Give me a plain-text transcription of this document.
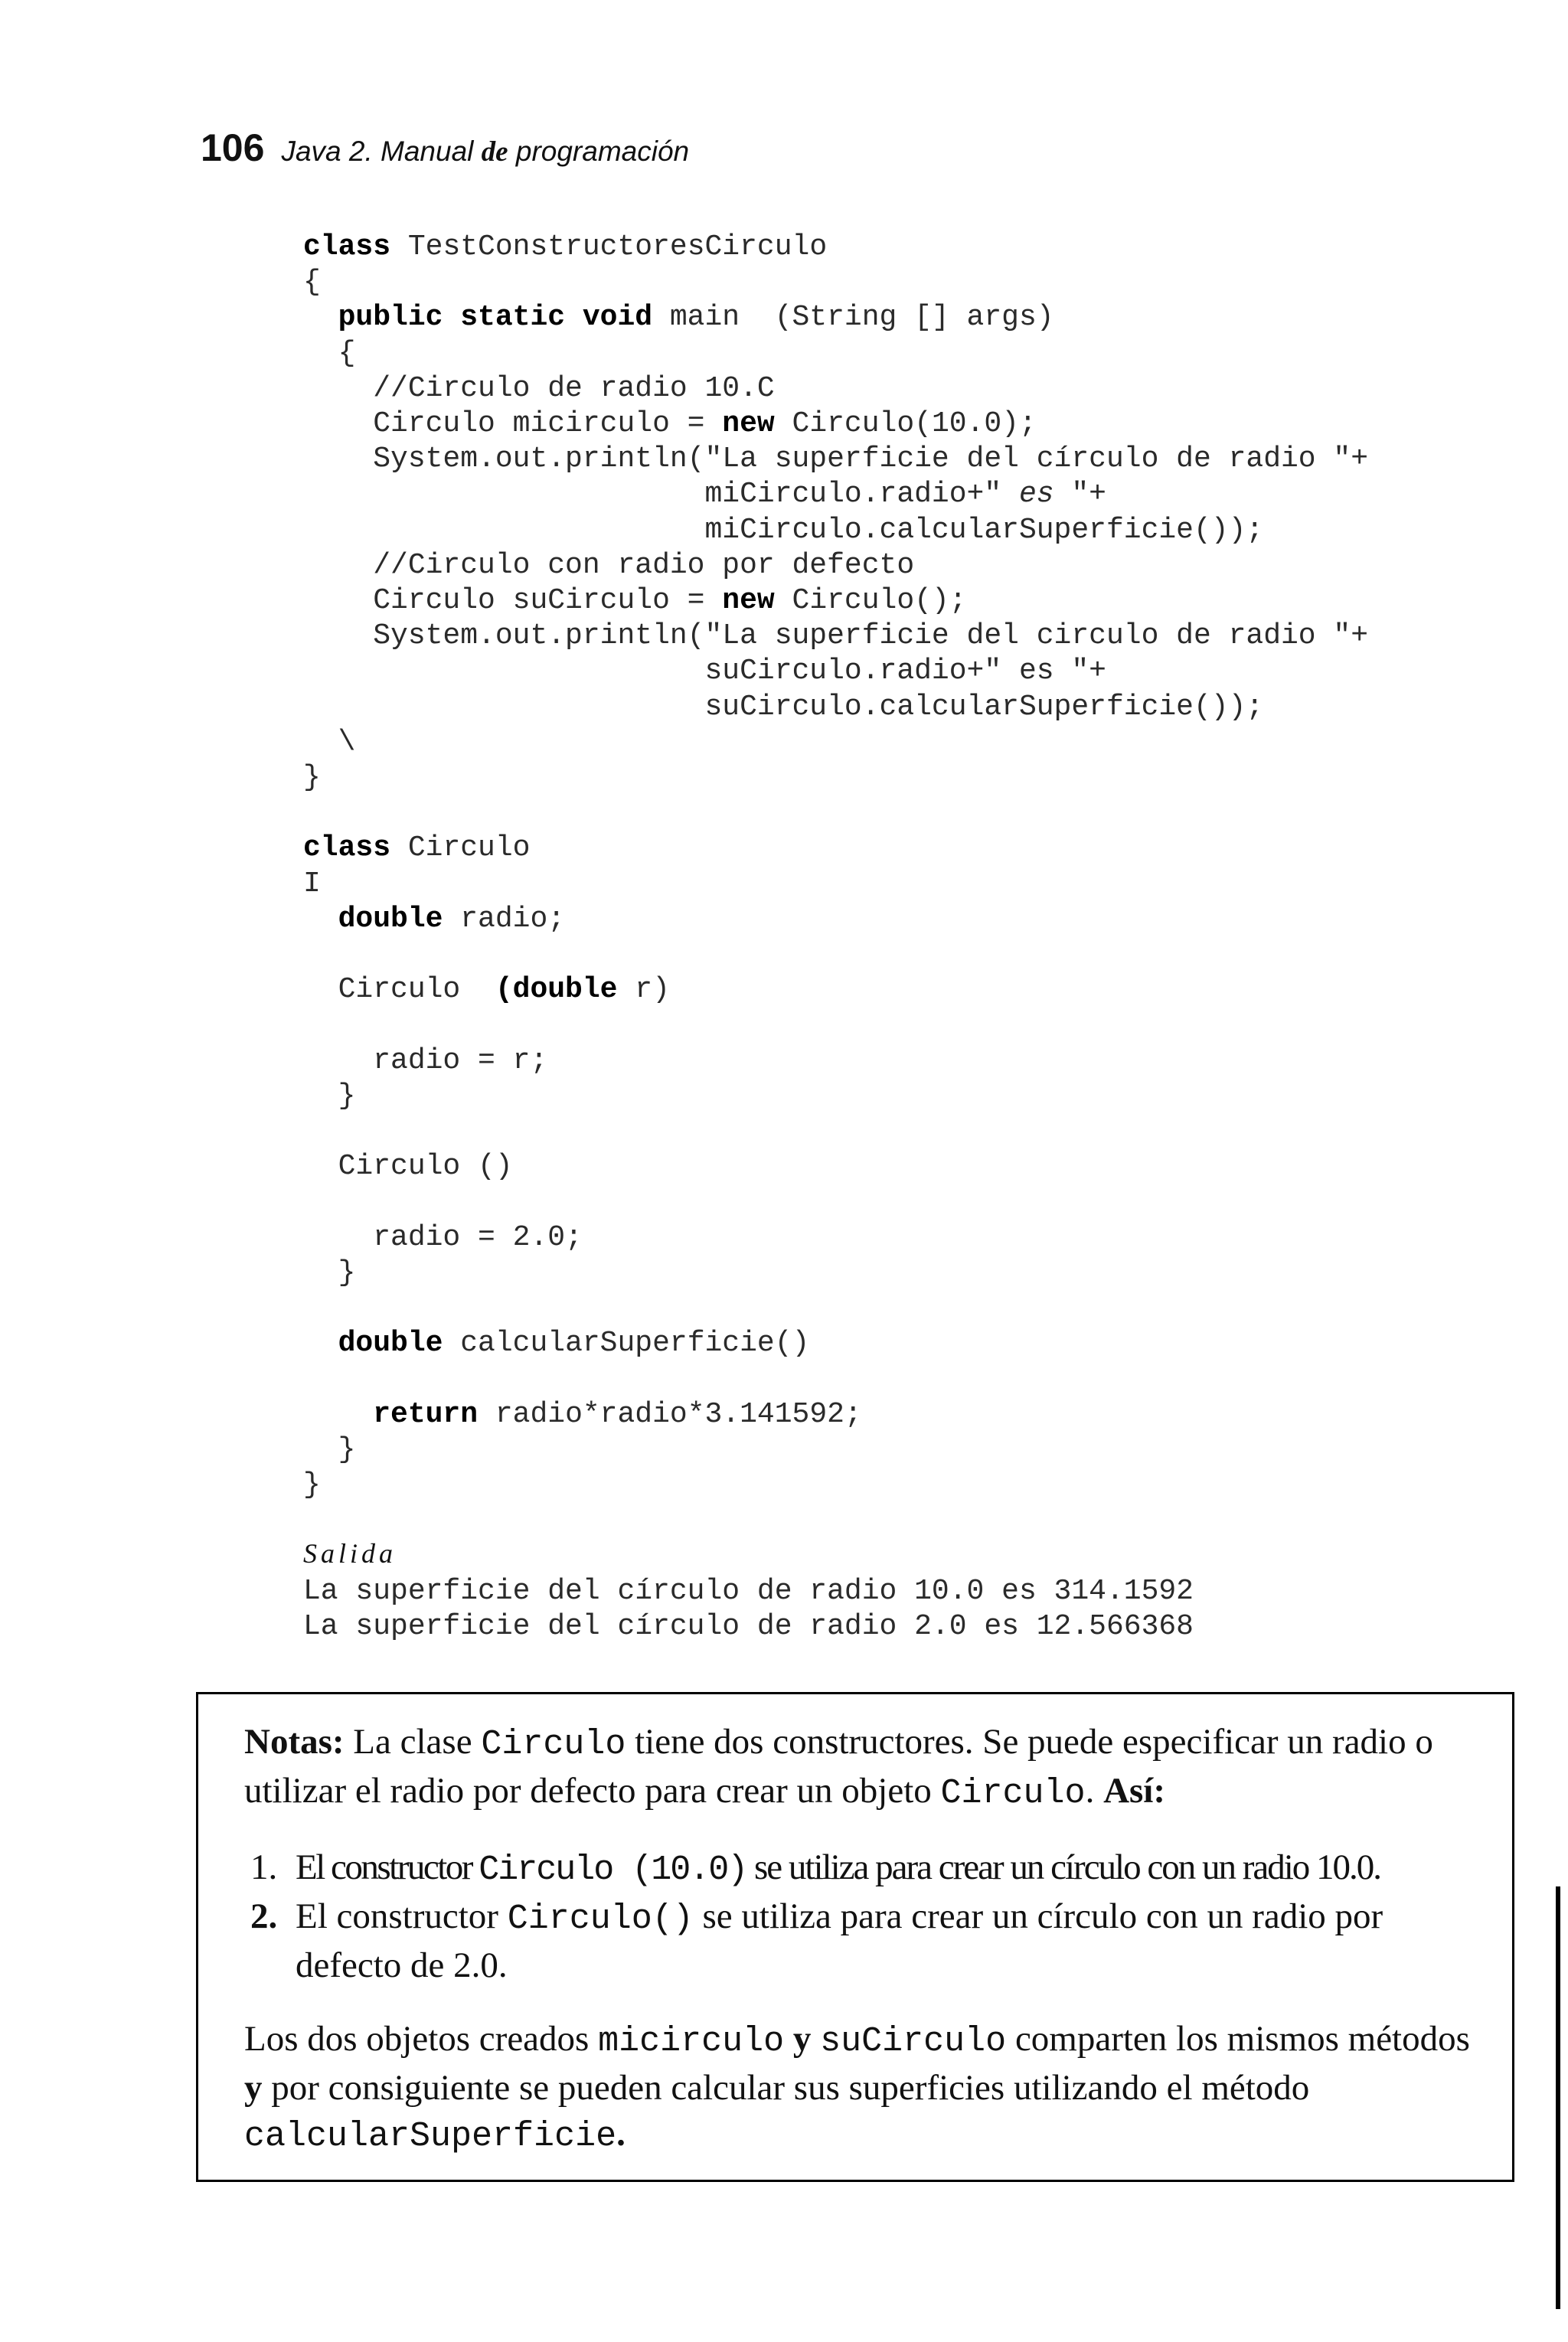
106 Java 2. Manual de programación
class TestConstructoresCirculo
{
public static void main  (String [] args)
{
//Circulo de radio 10.C
Circulo micirculo = new Circulo(10.0);
System.out.println("La superficie del círculo de radio "+
miCirculo.radio+" es "+
miCirculo.calcularSuperficie());
//Circulo con radio por defecto
Circulo suCirculo = new Circulo();
System.out.println("La superficie del circulo de radio "+
suCirculo.radio+" es "+
suCirculo.calcularSuperficie());
\
}

class Circulo
I
double radio;

Circulo  (double r)

radio = r;
}

Circulo ()

radio = 2.0;
}

double calcularSuperficie()

return radio*radio*3.141592;
}
}
Salida
La superficie del círculo de radio 10.0 es 314.1592
La superficie del círculo de radio 2.0 es 12.566368

Notas: La clase Circulo tiene dos constructores. Se puede especificar un radio o utilizar el radio por defecto para crear un objeto Circulo. Así:

1. El constructor Circulo (10.0) se utiliza para crear un círculo con un radio 10.0.
2. El constructor Circulo() se utiliza para crear un círculo con un radio por defecto de 2.0.

Los dos objetos creados micirculo y suCirculo comparten los mismos métodos y por consiguiente se pueden calcular sus superficies utilizando el método calcularSuperficie.
